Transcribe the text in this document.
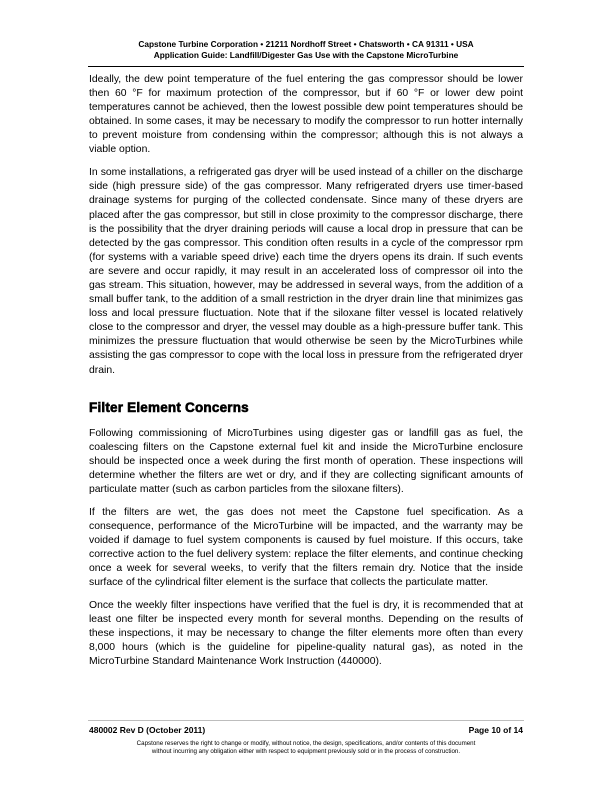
Capstone Turbine Corporation • 21211 Nordhoff Street • Chatsworth • CA 91311 • USA
Application Guide: Landfill/Digester Gas Use with the Capstone MicroTurbine

Ideally, the dew point temperature of the fuel entering the gas compressor should be lower then 60 °F for maximum protection of the compressor, but if 60 °F or lower dew point temperatures cannot be achieved, then the lowest possible dew point temperatures should be obtained. In some cases, it may be necessary to modify the compressor to run hotter internally to prevent moisture from condensing within the compressor; although this is not always a viable option.

In some installations, a refrigerated gas dryer will be used instead of a chiller on the discharge side (high pressure side) of the gas compressor. Many refrigerated dryers use timer-based drainage systems for purging of the collected condensate. Since many of these dryers are placed after the gas compressor, but still in close proximity to the compressor discharge, there is the possibility that the dryer draining periods will cause a local drop in pressure that can be detected by the gas compressor. This condition often results in a cycle of the compressor rpm (for systems with a variable speed drive) each time the dryers opens its drain. If such events are severe and occur rapidly, it may result in an accelerated loss of compressor oil into the gas stream. This situation, however, may be addressed in several ways, from the addition of a small buffer tank, to the addition of a small restriction in the dryer drain line that minimizes gas loss and local pressure fluctuation. Note that if the siloxane filter vessel is located relatively close to the compressor and dryer, the vessel may double as a high-pressure buffer tank. This minimizes the pressure fluctuation that would otherwise be seen by the MicroTurbines while assisting the gas compressor to cope with the local loss in pressure from the refrigerated dryer drain.

Filter Element Concerns

Following commissioning of MicroTurbines using digester gas or landfill gas as fuel, the coalescing filters on the Capstone external fuel kit and inside the MicroTurbine enclosure should be inspected once a week during the first month of operation. These inspections will determine whether the filters are wet or dry, and if they are collecting significant amounts of particulate matter (such as carbon particles from the siloxane filters).

If the filters are wet, the gas does not meet the Capstone fuel specification. As a consequence, performance of the MicroTurbine will be impacted, and the warranty may be voided if damage to fuel system components is caused by fuel moisture. If this occurs, take corrective action to the fuel delivery system: replace the filter elements, and continue checking once a week for several weeks, to verify that the filters remain dry. Notice that the inside surface of the cylindrical filter element is the surface that collects the particulate matter.

Once the weekly filter inspections have verified that the fuel is dry, it is recommended that at least one filter be inspected every month for several months. Depending on the results of these inspections, it may be necessary to change the filter elements more often than every 8,000 hours (which is the guideline for pipeline-quality natural gas), as noted in the MicroTurbine Standard Maintenance Work Instruction (440000).

480002 Rev D (October 2011)	Page 10 of 14
Capstone reserves the right to change or modify, without notice, the design, specifications, and/or contents of this document
without incurring any obligation either with respect to equipment previously sold or in the process of construction.
